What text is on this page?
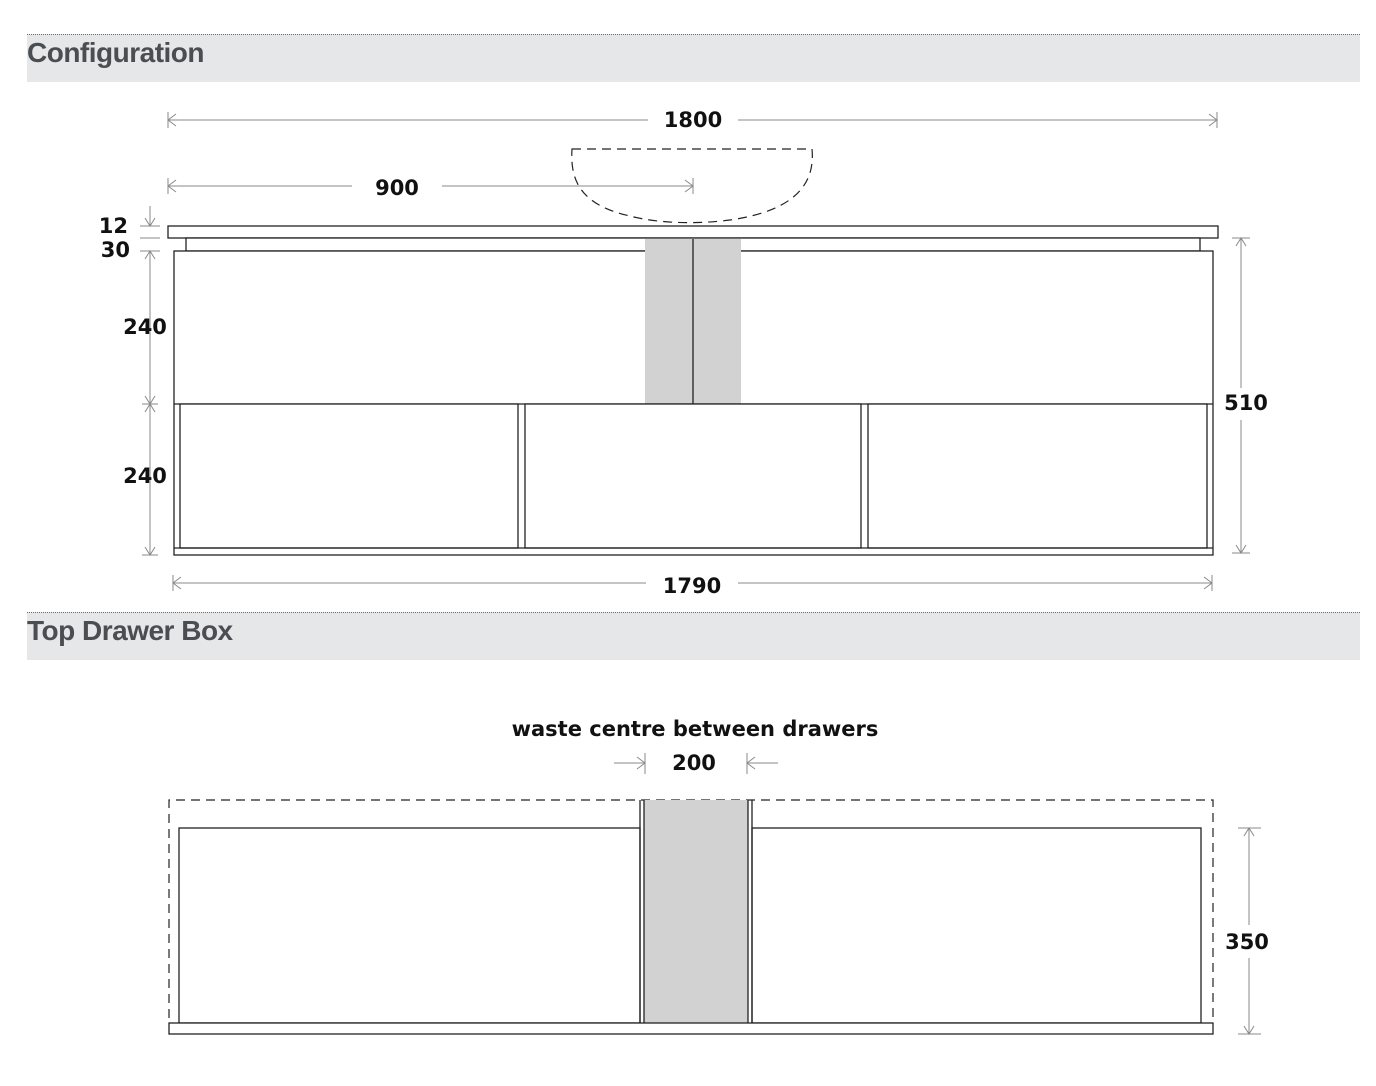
Configuration
Top Drawer Box
1800
900
12
30
240
240
510
1790
waste centre between drawers
200
350
